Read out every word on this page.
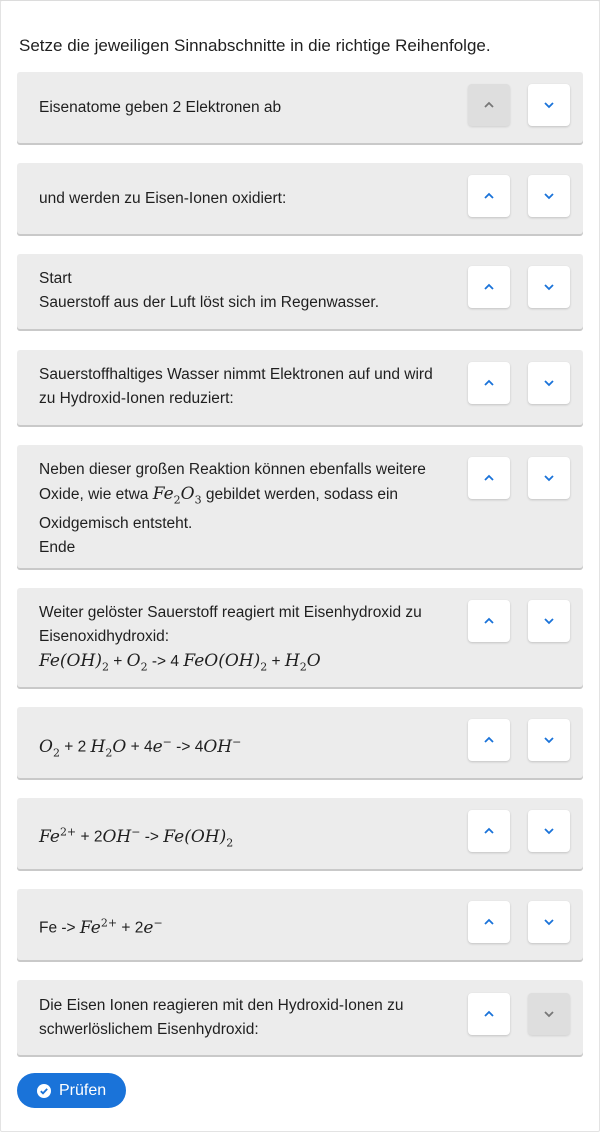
Setze die jeweiligen Sinnabschnitte in die richtige Reihenfolge.
Eisenatome geben 2 Elektronen ab
und werden zu Eisen-Ionen oxidiert:
Start
Sauerstoff aus der Luft löst sich im Regenwasser.
Sauerstoffhaltiges Wasser nimmt Elektronen auf und wird
zu Hydroxid-Ionen reduziert:
Neben dieser großen Reaktion können ebenfalls weitere
Oxide, wie etwa $Fe_2O_3$ gebildet werden, sodass ein
Oxidgemisch entsteht.
Ende
Weiter gelöster Sauerstoff reagiert mit Eisenhydroxid zu
Eisenoxidhydroxid:
$Fe(OH)_2 + O_2 -> 4$ $FeO(OH)_2 + H_2O$
$O_2 + 2$ $H_2O + 4e^- -> 4OH^-$
$Fe^{2+} + 2OH^- -> Fe(OH)_2$
$Fe -> Fe^{2+} + 2e^-$
Die Eisen Ionen reagieren mit den Hydroxid-Ionen zu
schwerlöslichem Eisenhydroxid:
Prüfen
